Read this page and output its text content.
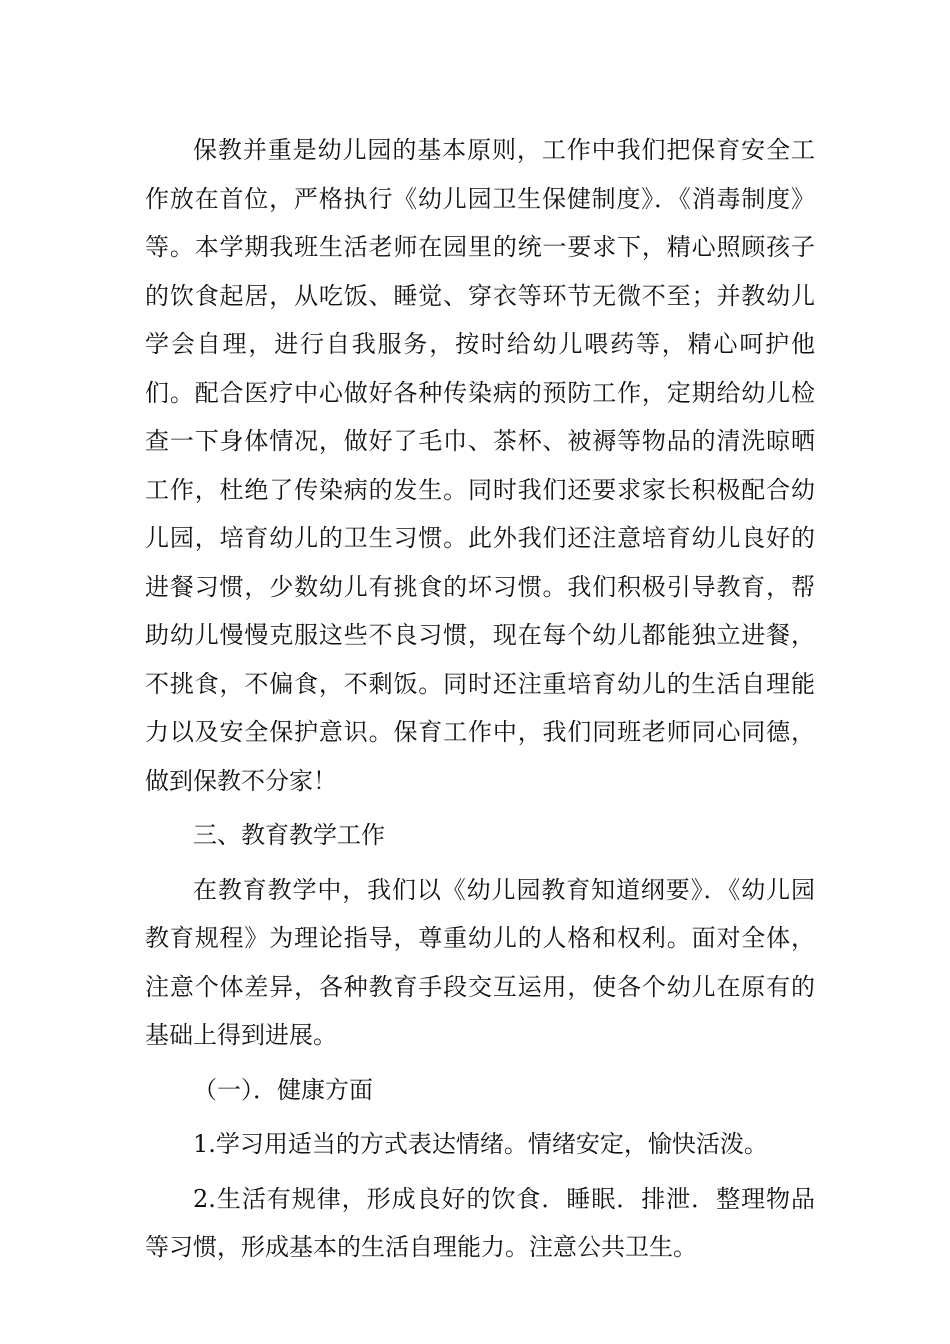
保教并重是幼儿园的基本原则，工作中我们把保育安全工作放在首位，严格执行《幼儿园卫生保健制度》．《消毒制度》等。本学期我班生活老师在园里的统一要求下，精心照顾孩子的饮食起居，从吃饭、睡觉、穿衣等环节无微不至；并教幼儿学会自理，进行自我服务，按时给幼儿喂药等，精心呵护他们。配合医疗中心做好各种传染病的预防工作，定期给幼儿检查一下身体情况，做好了毛巾、茶杯、被褥等物品的清洗晾晒工作，杜绝了传染病的发生。同时我们还要求家长积极配合幼儿园，培育幼儿的卫生习惯。此外我们还注意培育幼儿良好的进餐习惯，少数幼儿有挑食的坏习惯。我们积极引导教育，帮助幼儿慢慢克服这些不良习惯，现在每个幼儿都能独立进餐，不挑食，不偏食，不剩饭。同时还注重培育幼儿的生活自理能力以及安全保护意识。保育工作中，我们同班老师同心同德，做到保教不分家！

三、教育教学工作

在教育教学中，我们以《幼儿园教育知道纲要》．《幼儿园教育规程》为理论指导，尊重幼儿的人格和权利。面对全体，注意个体差异，各种教育手段交互运用，使各个幼儿在原有的基础上得到进展。

（一）．健康方面

1.学习用适当的方式表达情绪。情绪安定，愉快活泼。

2.生活有规律，形成良好的饮食．睡眠．排泄．整理物品等习惯，形成基本的生活自理能力。注意公共卫生。
